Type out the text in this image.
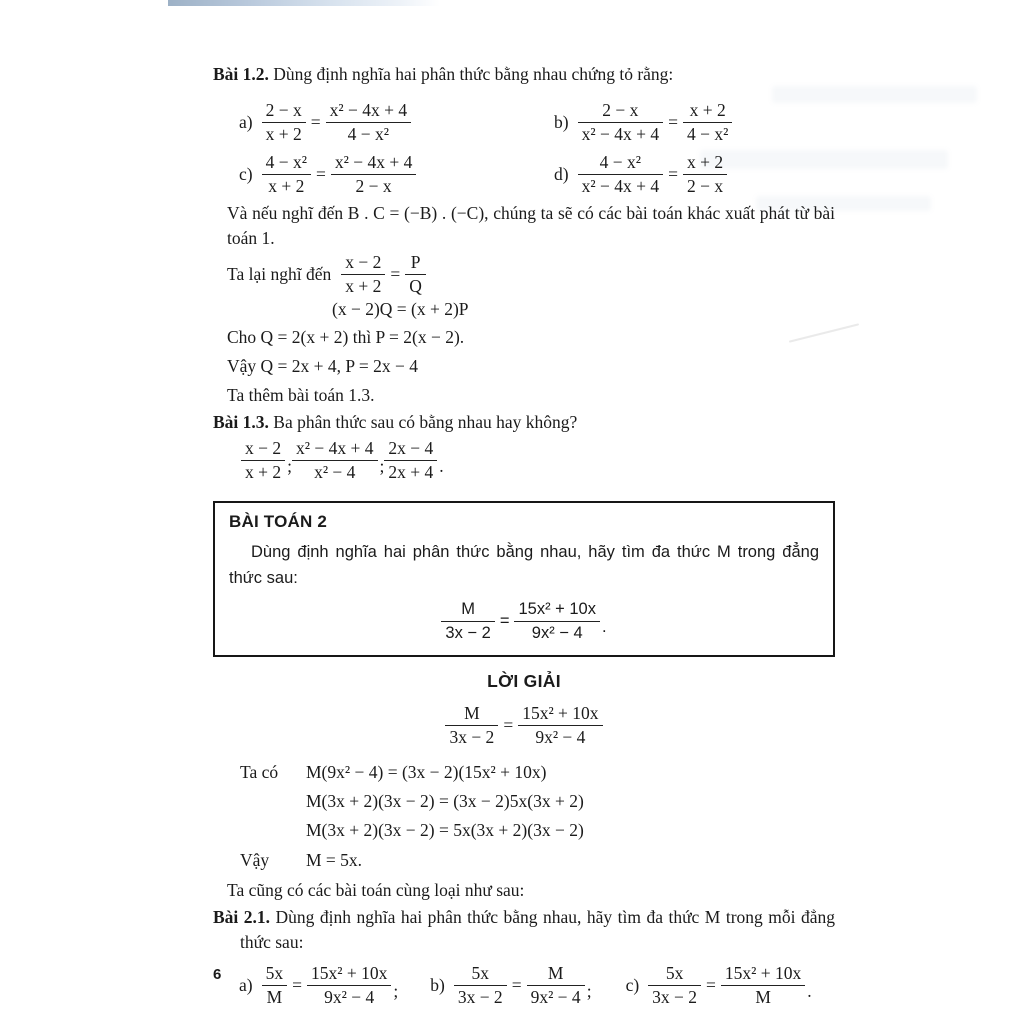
Bài 1.2. Dùng định nghĩa hai phân thức bằng nhau chứng tỏ rằng:

$a) \frac{2 - x}{x + 2} = \frac{\text{x² − 4x + 4}}{\text{4 − x²}}$	$b) \frac{2 - x}{\text{x² − 4x + 4}} = \frac{x + 2}{\text{4 − x²}}$
$c) \frac{\text{4 − x²}}{x + 2} = \frac{\text{x² − 4x + 4}}{2 - x}$	$d) \frac{\text{4 − x²}}{\text{x² − 4x + 4}} = \frac{x + 2}{2 - x}$

Và nếu nghĩ đến B . C = (−B) . (−C), chúng ta sẽ có các bài toán khác xuất phát từ bài toán 1.

Ta lại nghĩ đến $\frac{x - 2}{x + 2} = \frac{P}{Q}$
(x − 2)Q = (x + 2)P

Cho Q = 2(x + 2) thì P = 2(x − 2).

Vậy Q = 2x + 4, P = 2x − 4

Ta thêm bài toán 1.3.

Bài 1.3. Ba phân thức sau có bằng nhau hay không?

$\frac{x - 2}{x + 2}$ ; $\frac{\text{x² − 4x + 4}}{\text{x² − 4}}$ ; $\frac{2x - 4}{2x + 4}$ .
BÀI TOÁN 2

Dùng định nghĩa hai phân thức bằng nhau, hãy tìm đa thức M trong đẳng thức sau:

$\frac{M}{3x - 2} = \frac{\text{15x² + 10x}}{\text{9x² − 4}}$ .
LỜI GIẢI
$\frac{M}{3x - 2} = \frac{\text{15x² + 10x}}{\text{9x² − 4}}$
Ta có	M(9x² − 4) = (3x − 2)(15x² + 10x)
M(3x + 2)(3x − 2) = (3x − 2)5x(3x + 2)
M(3x + 2)(3x − 2) = 5x(3x + 2)(3x − 2)
Vậy	M = 5x.

Ta cũng có các bài toán cùng loại như sau:

Bài 2.1. Dùng định nghĩa hai phân thức bằng nhau, hãy tìm đa thức M trong mỗi đẳng thức sau:

$a) \frac{5x}{M} = \frac{\text{15x² + 10x}}{\text{9x² − 4}}$ ; $b) \frac{5x}{3x - 2} = \frac{M}{\text{9x² − 4}}$ ; $c) \frac{5x}{3x - 2} = \frac{\text{15x² + 10x}}{M}$ .
6
